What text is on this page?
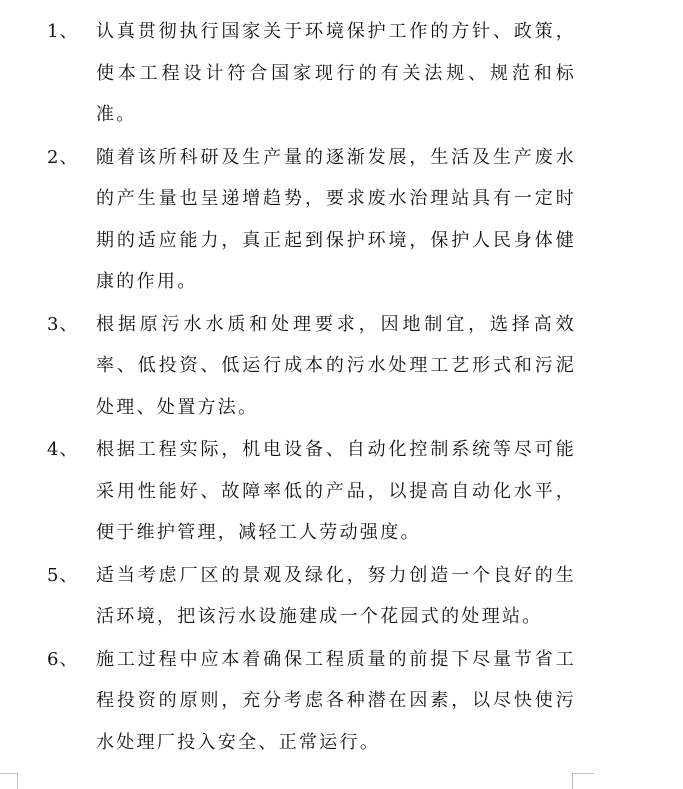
1、 认真贯彻执行国家关于环境保护工作的方针、政策，使本工程设计符合国家现行的有关法规、规范和标准。
2、 随着该所科研及生产量的逐渐发展，生活及生产废水的产生量也呈递增趋势，要求废水治理站具有一定时期的适应能力，真正起到保护环境，保护人民身体健康的作用。
3、 根据原污水水质和处理要求，因地制宜，选择高效率、低投资、低运行成本的污水处理工艺形式和污泥处理、处置方法。
4、 根据工程实际，机电设备、自动化控制系统等尽可能采用性能好、故障率低的产品，以提高自动化水平，便于维护管理，减轻工人劳动强度。
5、 适当考虑厂区的景观及绿化，努力创造一个良好的生活环境，把该污水设施建成一个花园式的处理站。
6、 施工过程中应本着确保工程质量的前提下尽量节省工程投资的原则，充分考虑各种潜在因素，以尽快使污水处理厂投入安全、正常运行。
